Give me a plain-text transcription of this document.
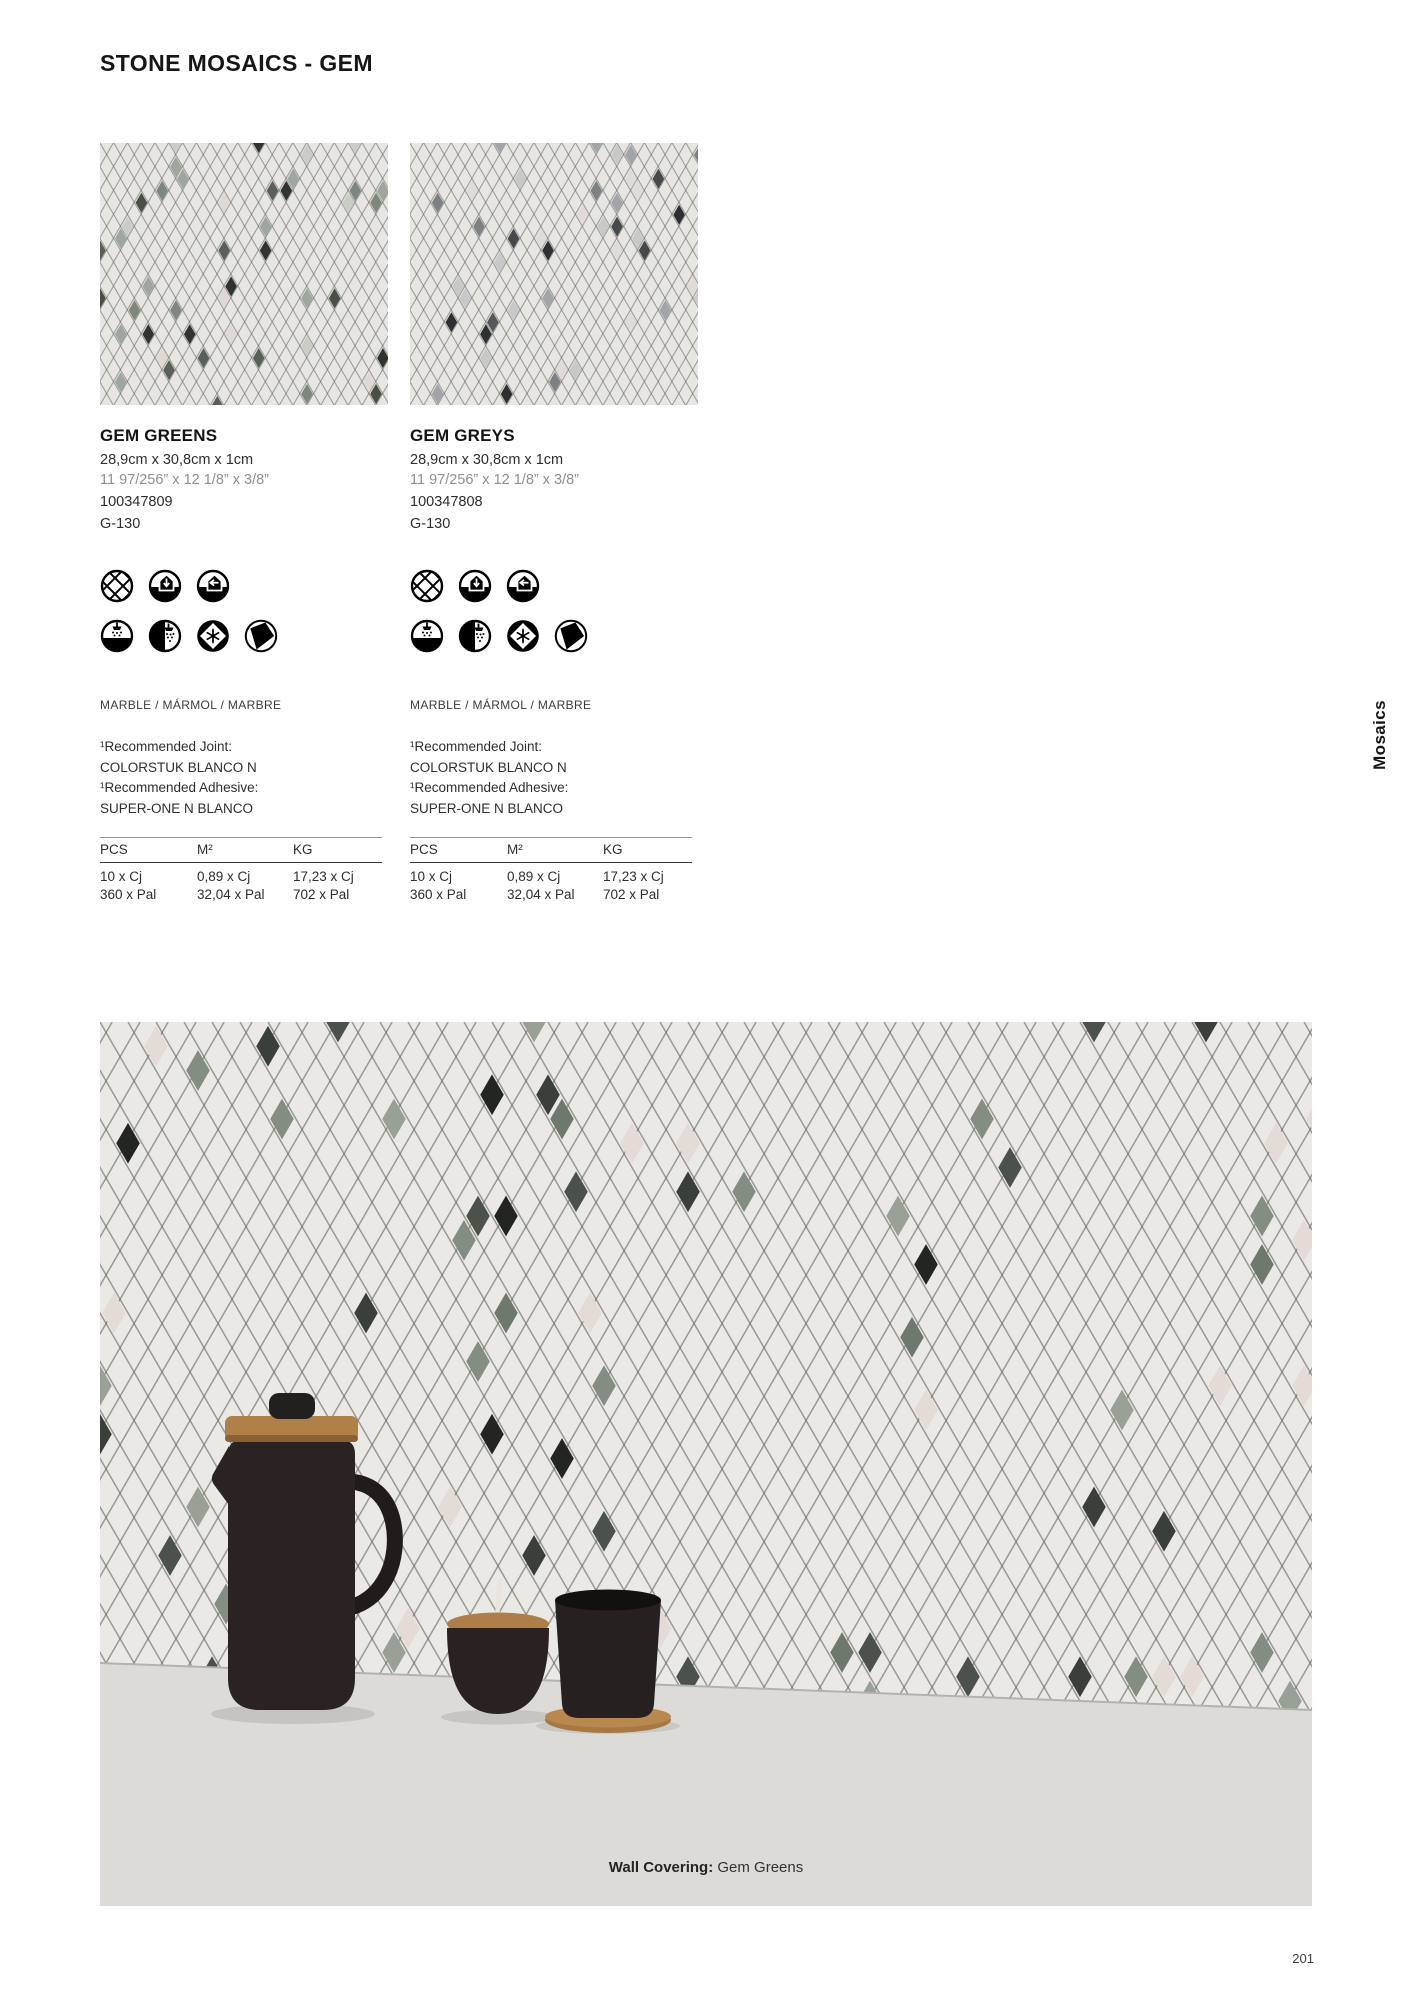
STONE MOSAICS - GEM
GEM GREENS
28,9cm x 30,8cm x 1cm
11 97/256” x 12 1/8” x 3/8”
100347809
G-130
MARBLE / MÁRMOL / MARBRE
¹Recommended Joint:
COLORSTUK BLANCO N
¹Recommended Adhesive:
SUPER-ONE N BLANCO
PCS	M²	KG
10 x Cj	0,89 x Cj	17,23 x Cj
360 x Pal	32,04 x Pal	702 x Pal
GEM GREYS
28,9cm x 30,8cm x 1cm
11 97/256” x 12 1/8” x 3/8”
100347808
G-130
MARBLE / MÁRMOL / MARBRE
¹Recommended Joint:
COLORSTUK BLANCO N
¹Recommended Adhesive:
SUPER-ONE N BLANCO
PCS	M²	KG
10 x Cj	0,89 x Cj	17,23 x Cj
360 x Pal	32,04 x Pal	702 x Pal
Mosaics
Wall Covering: Gem Greens
201
